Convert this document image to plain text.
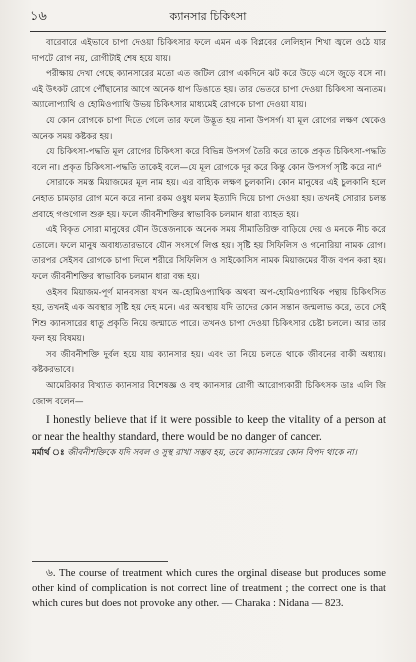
১৬	ক্যানসার চিকিৎসা

বারেবারে এইভাবে চাপা দেওয়া চিকিৎসার ফলে এমন এক বিপ্লবের লেলিহান শিখা জ্বলে ওঠে যার দাপটে রোগ নয়, রোগীটাই শেষ হয়ে যায়।

পরীক্ষায় দেখা গেছে ক্যানসারের মতো এত জটিল রোগ একদিনে ঝট করে উড়ে এসে জুড়ে বসে না। এই উৎকট রোগে পৌঁছানোর আগে অনেক ধাপ ডিঙাতে হয়। তার ভেতরে চাপা দেওয়া চিকিৎসা অন্যতম। অ্যালোপ্যাথি ও হোমিওপ্যাথি উভয় চিকিৎসার মাধ্যমেই রোগকে চাপা দেওয়া যায়।

যে কোন রোগকে চাপা দিতে গেলে তার ফলে উদ্ভূত হয় নানা উপসর্গ। যা মূল রোগের লক্ষণ থেকেও অনেক সময় কষ্টকর হয়।

যে চিকিৎসা-পদ্ধতি মূল রোগের চিকিৎসা করে বিভিন্ন উপসর্গ তৈরি করে তাকে প্রকৃত চিকিৎসা-পদ্ধতি বলে না। প্রকৃত চিকিৎসা-পদ্ধতি তাকেই বলে—যে মূল রোগকে দূর করে কিন্তু কোন উপসর্গ সৃষ্টি করে না।⁶

সোরাকে সমস্ত মিয়াজমের মূল নাম হয়। এর বাহ্যিক লক্ষণ চুলকানি। কোন মানুষের এই চুলকানি হলে নেহাত চামড়ার রোগ মনে করে নানা রকম ওষুধ মলম ইত্যাদি দিয়ে চাপা দেওয়া হয়। তখনই সোরার চলন্ত প্রবাহে গণ্ডগোল শুরু হয়। ফলে জীবনীশক্তির স্বাভাবিক চলমান ধারা ব্যাহত হয়।

এই বিকৃত সোরা মানুষের যৌন উত্তেজনাকে অনেক সময় সীমাতিরিক্ত বাড়িয়ে দেয় ও মনকে নীচ করে তোলে। ফলে মানুষ অবাধ্যতারভাবে যৌন সংসর্গে লিপ্ত হয়। সৃষ্টি হয় সিফিলিস ও গনোরিয়া নামক রোগ। তারপর সেইসব রোগকে চাপা দিলে শরীরে সিফিলিস ও সাইকোসিস নামক মিয়াজমের বীজ বপন করা হয়। ফলে জীবনীশক্তির স্বাভাবিক চলমান ধারা বন্ধ হয়।

ওইসব মিয়াজম-পূর্ণ মানবসত্তা যখন অ-হোমিওপ্যাথিক অথবা অপ-হোমিওপ্যাথিক পন্থায় চিকিৎসিত হয়, তখনই এক অবস্থার সৃষ্টি হয় দেহ মনে। এর অবস্থায় যদি তাদের কোন সন্তান জন্মলাভ করে, তবে সেই শিশু ক্যানসারের ধাতু প্রকৃতি নিয়ে জন্মাতে পারে। তখনও চাপা দেওয়া চিকিৎসার চেষ্টা চললে। আর তার ফল হয় বিষময়।

সব জীবনীশক্তি দুর্বল হয়ে যায় ক্যানসার হয়। এবং তা নিয়ে চলতে থাকে জীবনের বাকী অধ্যায়। কষ্টকরভাবে।

আমেরিকার বিখ্যাত ক্যানসার বিশেষজ্ঞ ও বহু ক্যানসার রোগী আরোগ্যকারী চিকিৎসক ডাঃ এলি জি জোন্স বলেন—

I honestly believe that if it were possible to keep the vitality of a person at or near the healthy standard, there would be no danger of cancer.

মর্মার্থ ঃ জীবনীশক্তিকে যদি সবল ও সুস্থ রাখা সম্ভব হয়, তবে ক্যানসারের কোন বিপদ থাকে না।

৬. The course of treatment which cures the orginal disease but produces some other kind of complication is not correct line of treatment ; the correct one is that which cures but does not provoke any other. — Charaka : Nidana — 823.
